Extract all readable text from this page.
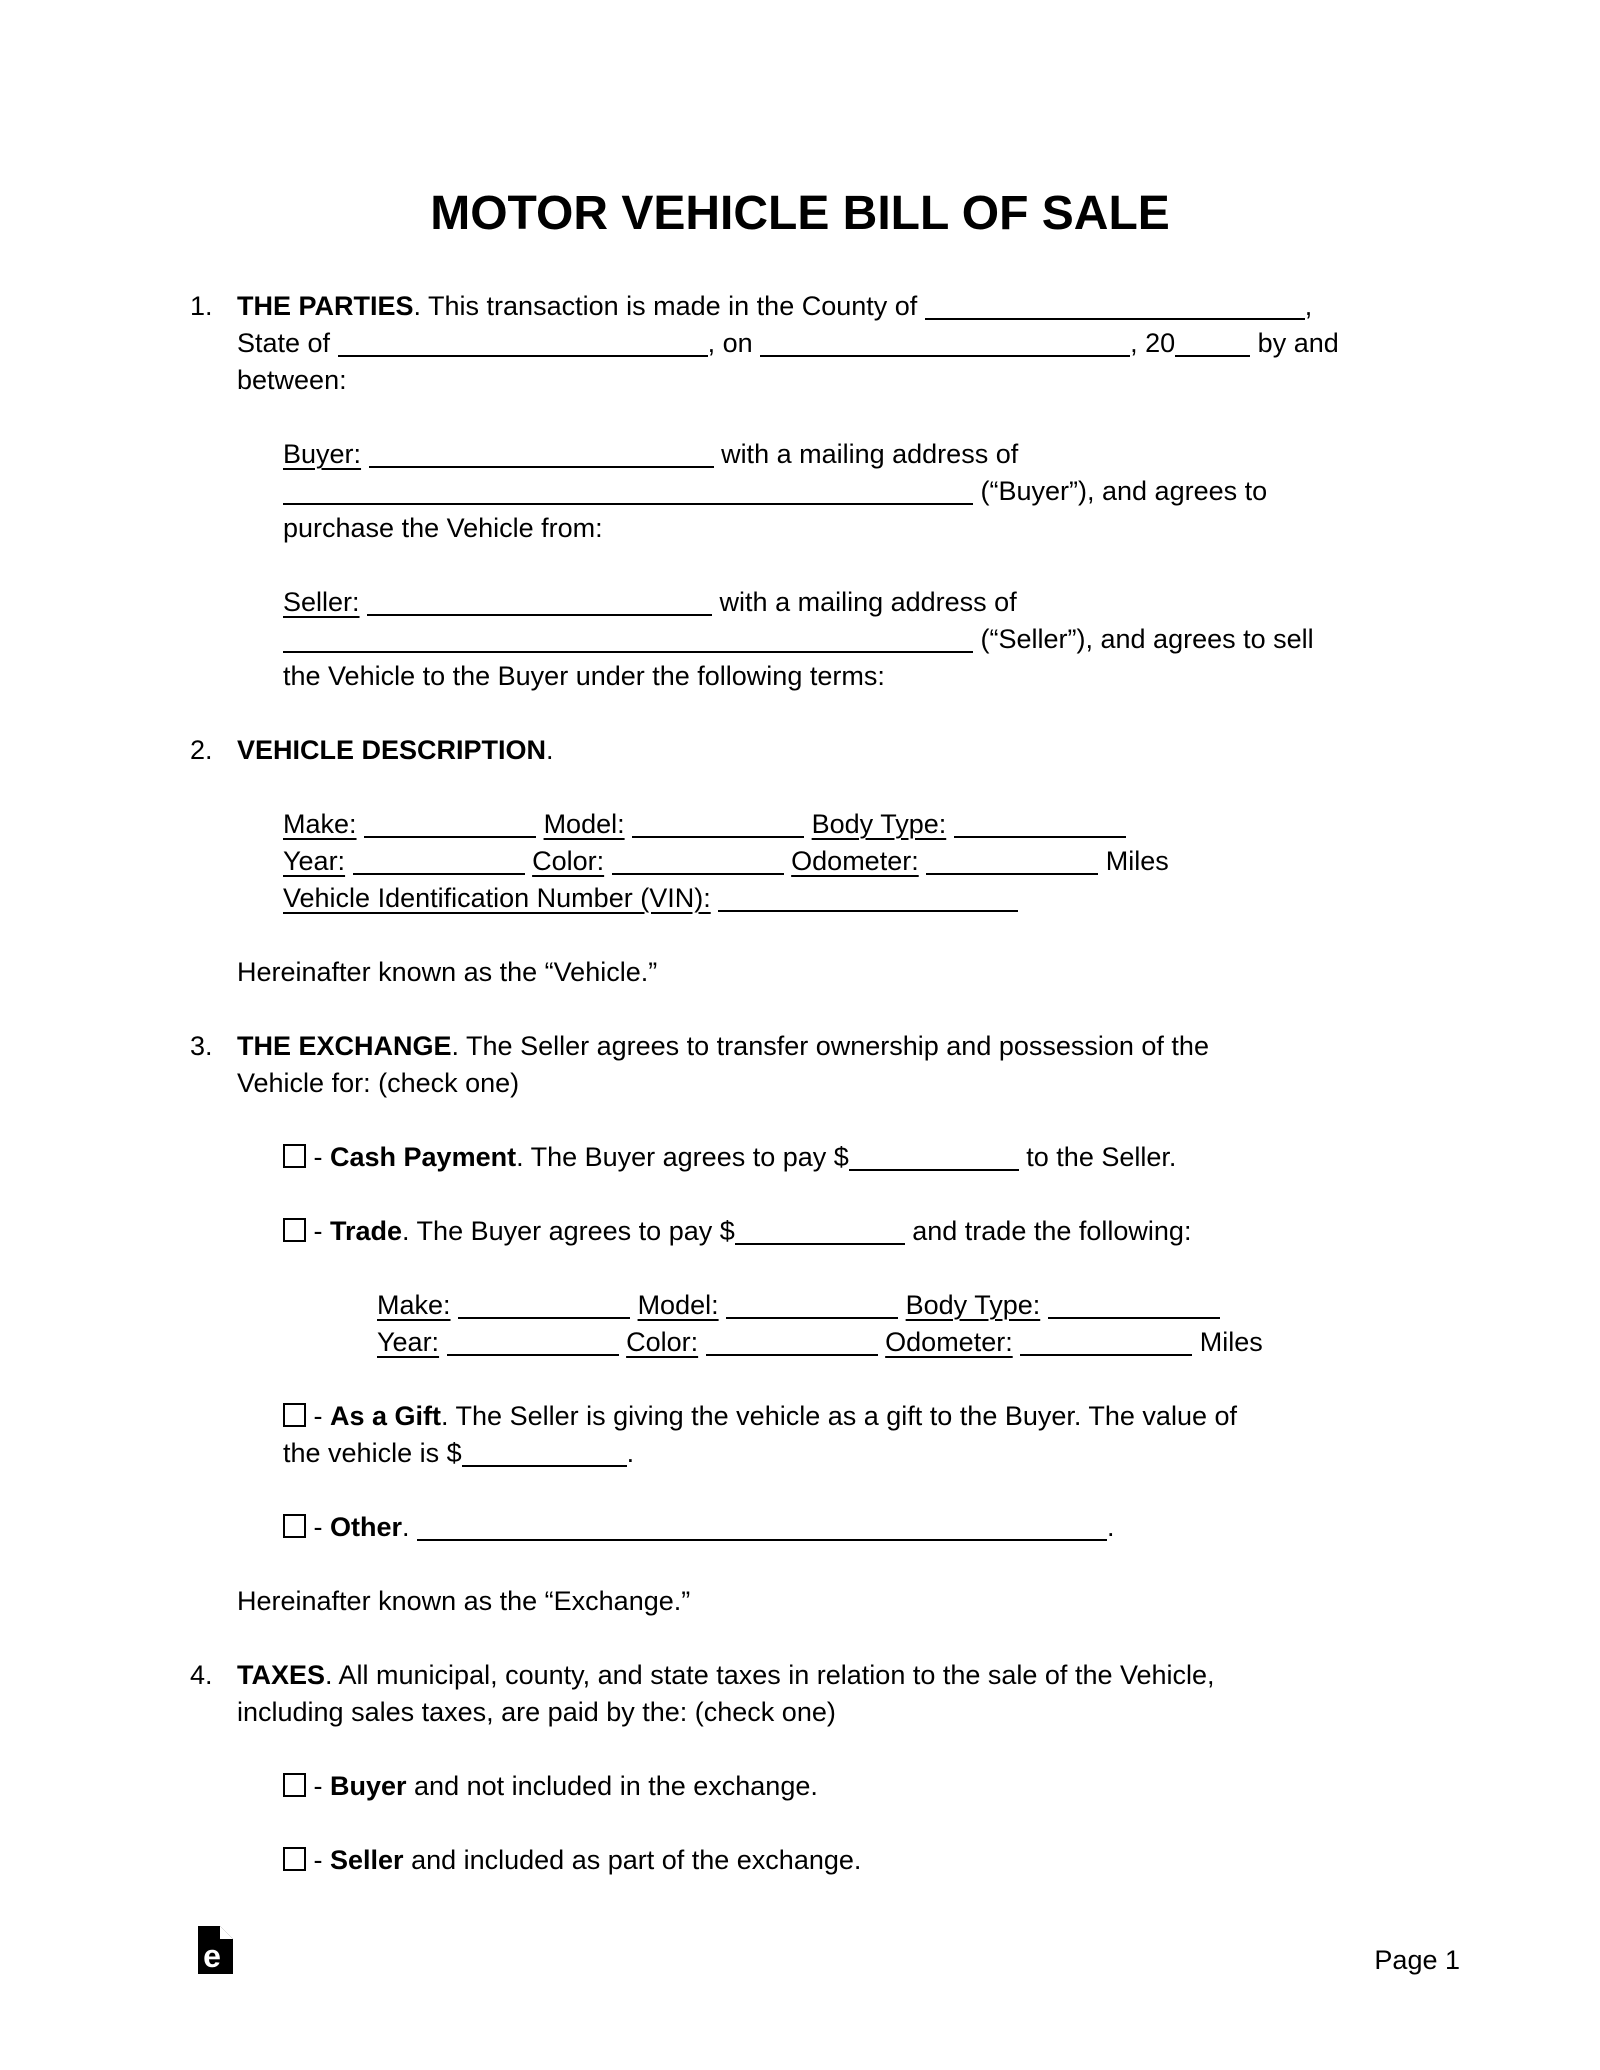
MOTOR VEHICLE BILL OF SALE
1. THE PARTIES. This transaction is made in the County of	,
State of	, on	, 20	by and
between:
Buyer:	with a mailing address of
(“Buyer”), and agrees to
purchase the Vehicle from:
Seller:	with a mailing address of
(“Seller”), and agrees to sell
the Vehicle to the Buyer under the following terms:
2. VEHICLE DESCRIPTION.
Make:	Model:	Body Type:
Year:	Color:	Odometer:	Miles
Vehicle Identification Number (VIN):
Hereinafter known as the “Vehicle.”
3. THE EXCHANGE. The Seller agrees to transfer ownership and possession of the
Vehicle for: (check one)
- Cash Payment. The Buyer agrees to pay $	to the Seller.
- Trade. The Buyer agrees to pay $	and trade the following:
Make:	Model:	Body Type:
Year:	Color:	Odometer:	Miles
- As a Gift. The Seller is giving the vehicle as a gift to the Buyer. The value of
the vehicle is $	.
- Other.	.
Hereinafter known as the “Exchange.”
4. TAXES. All municipal, county, and state taxes in relation to the sale of the Vehicle,
including sales taxes, are paid by the: (check one)
- Buyer and not included in the exchange.
- Seller and included as part of the exchange.
e	Page 1
